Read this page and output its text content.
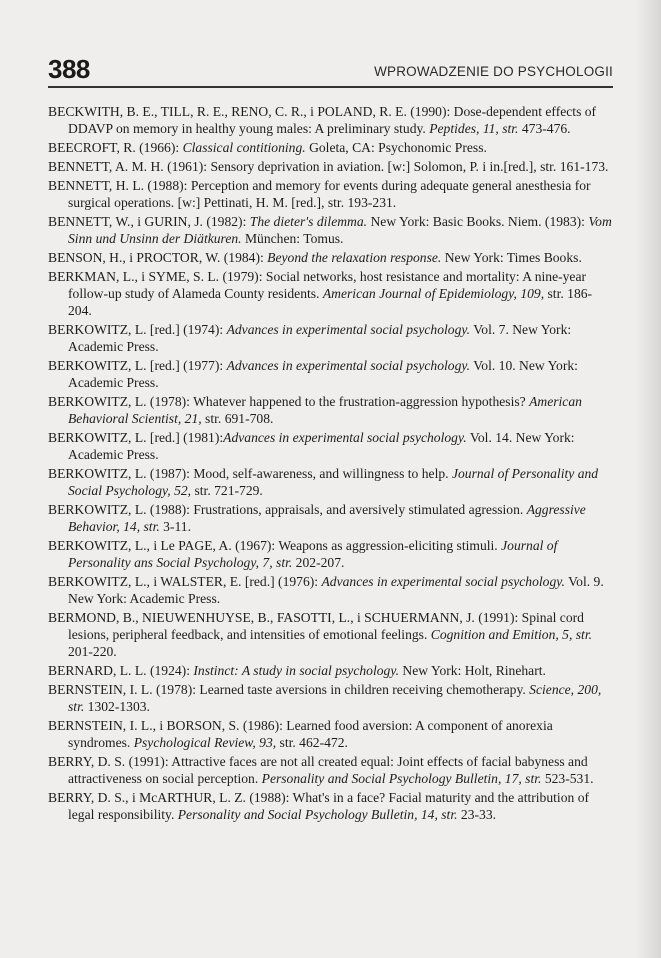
388	WPROWADZENIE DO PSYCHOLOGII

BECKWITH, B. E., TILL, R. E., RENO, C. R., i POLAND, R. E. (1990): Dose-dependent effects of DDAVP on memory in healthy young males: A preliminary study. Peptides, 11, str. 473-476.

BEECROFT, R. (1966): Classical contitioning. Goleta, CA: Psychonomic Press.

BENNETT, A. M. H. (1961): Sensory deprivation in aviation. [w:] Solomon, P. i in.[red.], str. 161-173.

BENNETT, H. L. (1988): Perception and memory for events during adequate general anesthesia for surgical operations. [w:] Pettinati, H. M. [red.], str. 193-231.

BENNETT, W., i GURIN, J. (1982): The dieter's dilemma. New York: Basic Books. Niem. (1983): Vom Sinn und Unsinn der Diätkuren. München: Tomus.

BENSON, H., i PROCTOR, W. (1984): Beyond the relaxation response. New York: Times Books.

BERKMAN, L., i SYME, S. L. (1979): Social networks, host resistance and mortality: A nine-year follow-up study of Alameda County residents. American Journal of Epidemiology, 109, str. 186-204.

BERKOWITZ, L. [red.] (1974): Advances in experimental social psychology. Vol. 7. New York: Academic Press.

BERKOWITZ, L. [red.] (1977): Advances in experimental social psychology. Vol. 10. New York: Academic Press.

BERKOWITZ, L. (1978): Whatever happened to the frustration-aggression hypothesis? American Behavioral Scientist, 21, str. 691-708.

BERKOWITZ, L. [red.] (1981):Advances in experimental social psychology. Vol. 14. New York: Academic Press.

BERKOWITZ, L. (1987): Mood, self-awareness, and willingness to help. Journal of Personality and Social Psychology, 52, str. 721-729.

BERKOWITZ, L. (1988): Frustrations, appraisals, and aversively stimulated agression. Aggressive Behavior, 14, str. 3-11.

BERKOWITZ, L., i Le PAGE, A. (1967): Weapons as aggression-eliciting stimuli. Journal of Personality ans Social Psychology, 7, str. 202-207.

BERKOWITZ, L., i WALSTER, E. [red.] (1976): Advances in experimental social psychology. Vol. 9. New York: Academic Press.

BERMOND, B., NIEUWENHUYSE, B., FASOTTI, L., i SCHUERMANN, J. (1991): Spinal cord lesions, peripheral feedback, and intensities of emotional feelings. Cognition and Emition, 5, str. 201-220.

BERNARD, L. L. (1924): Instinct: A study in social psychology. New York: Holt, Rinehart.

BERNSTEIN, I. L. (1978): Learned taste aversions in children receiving chemotherapy. Science, 200, str. 1302-1303.

BERNSTEIN, I. L., i BORSON, S. (1986): Learned food aversion: A component of anorexia syndromes. Psychological Review, 93, str. 462-472.

BERRY, D. S. (1991): Attractive faces are not all created equal: Joint effects of facial babyness and attractiveness on social perception. Personality and Social Psychology Bulletin, 17, str. 523-531.

BERRY, D. S., i McARTHUR, L. Z. (1988): What's in a face? Facial maturity and the attribution of legal responsibility. Personality and Social Psychology Bulletin, 14, str. 23-33.
